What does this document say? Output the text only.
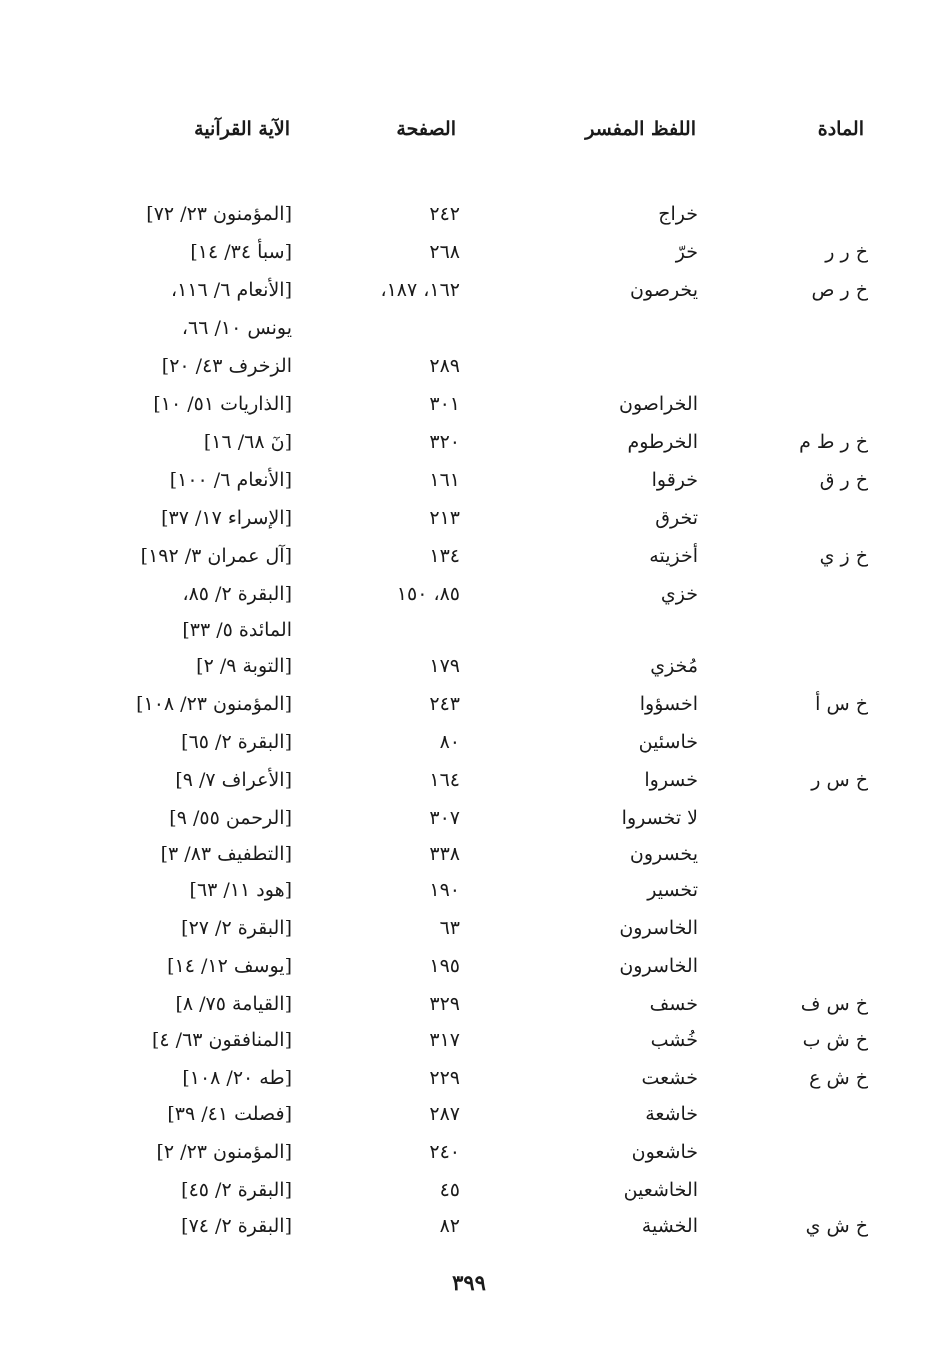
المادة
اللفظ المفسر
الصفحة
الآية القرآنية
خراج
٢٤٢
[المؤمنون ٢٣/ ٧٢]
خ ر ر
خرّ
٢٦٨
[سبأ ٣٤/ ١٤]
خ ر ص
يخرصون
١٦٢، ١٨٧،
[الأنعام ٦/ ١١٦،
يونس ١٠/ ٦٦،
٢٨٩
الزخرف ٤٣/ ٢٠]
الخراصون
٣٠١
[الذاريات ٥١/ ١٠]
خ ر ط م
الخرطوم
٣٢٠
[نٓ ٦٨/ ١٦]
خ ر ق
خرقوا
١٦١
[الأنعام ٦/ ١٠٠]
تخرق
٢١٣
[الإسراء ١٧/ ٣٧]
خ ز ي
أخزيته
١٣٤
[آل عمران ٣/ ١٩٢]
خزي
٨٥، ١٥٠
[البقرة ٢/ ٨٥،
المائدة ٥/ ٣٣]
مُخزي
١٧٩
[التوبة ٩/ ٢]
خ س أ
اخسؤوا
٢٤٣
[المؤمنون ٢٣/ ١٠٨]
خاسئين
٨٠
[البقرة ٢/ ٦٥]
خ س ر
خسروا
١٦٤
[الأعراف ٧/ ٩]
لا تخسروا
٣٠٧
[الرحمن ٥٥/ ٩]
يخسرون
٣٣٨
[التطفيف ٨٣/ ٣]
تخسير
١٩٠
[هود ١١/ ٦٣]
الخاسرون
٦٣
[البقرة ٢/ ٢٧]
الخاسرون
١٩٥
[يوسف ١٢/ ١٤]
خ س ف
خسف
٣٢٩
[القيامة ٧٥/ ٨]
خ ش ب
خُشب
٣١٧
[المنافقون ٦٣/ ٤]
خ ش ع
خشعت
٢٢٩
[طه ٢٠/ ١٠٨]
خاشعة
٢٨٧
[فصلت ٤١/ ٣٩]
خاشعون
٢٤٠
[المؤمنون ٢٣/ ٢]
الخاشعين
٤٥
[البقرة ٢/ ٤٥]
خ ش ي
الخشية
٨٢
[البقرة ٢/ ٧٤]
٣٩٩
